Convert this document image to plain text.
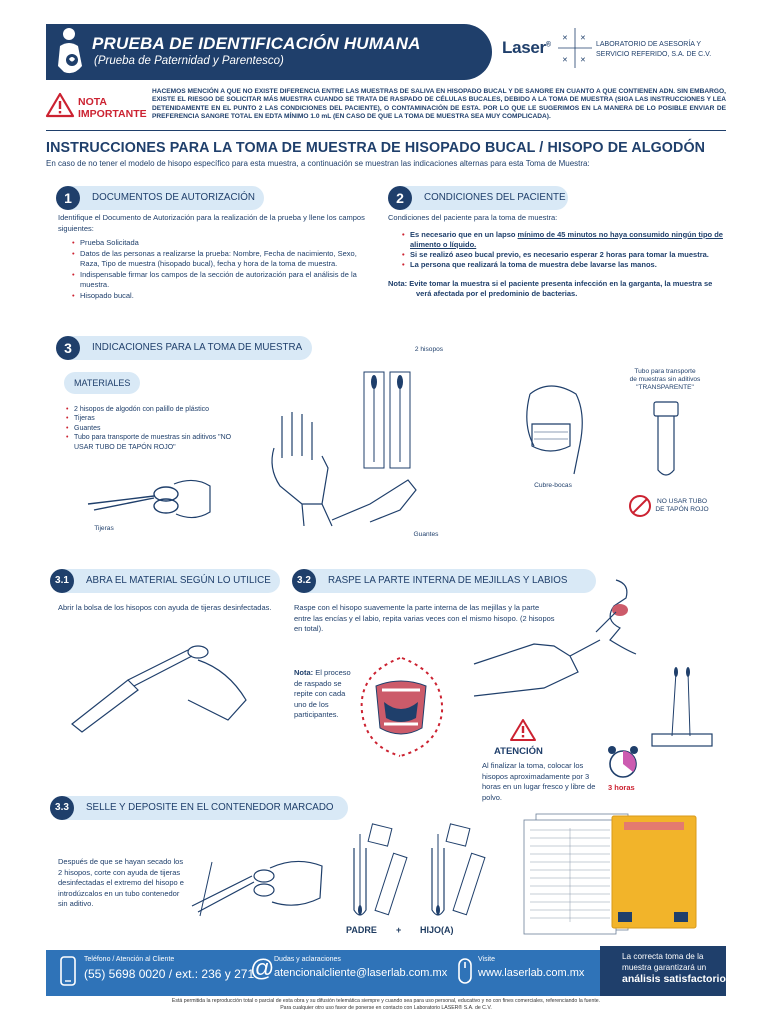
PRUEBA DE IDENTIFICACIÓN HUMANA
(Prueba de Paternidad y Parentesco)
Laser®
✕ ✕
✕ ✕
LABORATORIO DE ASESORÍA Y
SERVICIO REFERIDO, S.A. DE C.V.
NOTA
IMPORTANTE
HACEMOS MENCIÓN A QUE NO EXISTE DIFERENCIA ENTRE LAS MUESTRAS DE SALIVA EN HISOPADO BUCAL Y DE SANGRE EN CUANTO A QUE CONTIENEN ADN. SIN EMBARGO, EXISTE EL RIESGO DE SOLICITAR MÁS MUESTRA CUANDO SE TRATA DE RASPADO DE CÉLULAS BUCALES, DEBIDO A LA TOMA DE MUESTRA (SIGA LAS INSTRUCCIONES Y LEA DETENIDAMENTE EN EL PUNTO 2 LAS CONDICIONES DEL PACIENTE), O CONTAMINACIÓN DE ESTA. POR LO QUE LE SUGERIMOS EN LA MANERA DE LO POSIBLE ENVIAR DE PREFERENCIA SANGRE TOTAL EN EDTA MÍNIMO 1.0 mL (EN CASO DE QUE LA TOMA DE MUESTRA SEA MUY COMPLICADA).
INSTRUCCIONES PARA LA TOMA DE MUESTRA DE HISOPADO BUCAL / HISOPO DE ALGODÓN
En caso de no tener el modelo de hisopo específico para esta muestra, a continuación se muestran las indicaciones alternas para esta Toma de Muestra:
DOCUMENTOS DE AUTORIZACIÓN
1
Identifique el Documento de Autorización para la realización de la prueba y llene los campos siguientes:
• Prueba Solicitada
• Datos de las personas a realizarse la prueba: Nombre, Fecha de nacimiento, Sexo, Raza, Tipo de muestra (hisopado bucal), fecha y hora de la toma de muestra.
• Indispensable firmar los campos de la sección de autorización para el análisis de la muestra.
• Hisopado bucal.
CONDICIONES DEL PACIENTE
2
Condiciones del paciente para la toma de muestra:
• Es necesario que en un lapso mínimo de 45 minutos no haya consumido ningún tipo de alimento o líquido.
• Si se realizó aseo bucal previo, es necesario esperar 2 horas para tomar la muestra.
• La persona que realizará la toma de muestra debe lavarse las manos.
Nota: Evite tomar la muestra si el paciente presenta infección en la garganta, la muestra se verá afectada por el predominio de bacterias.
INDICACIONES PARA LA TOMA DE MUESTRA
3
MATERIALES
• 2 hisopos de algodón con palillo de plástico
• Tijeras
• Guantes
• Tubo para transporte de muestras sin aditivos "NO USAR TUBO DE TAPÓN ROJO"
Tijeras
Guantes
2 hisopos
Cubre-bocas
Tubo para transporte
de muestras sin aditivos
"TRANSPARENTE"
NO USAR TUBO
DE TAPÓN ROJO
ABRA EL MATERIAL SEGÚN LO UTILICE
3.1
Abrir la bolsa de los hisopos con ayuda de tijeras desinfectadas.
RASPE LA PARTE INTERNA DE MEJILLAS Y LABIOS
3.2
Raspe con el hisopo suavemente la parte interna de las mejillas y la parte entre las encías y el labio, repita varias veces con el mismo hisopo. (2 hisopos en total).
Nota: El proceso de raspado se repite con cada uno de los participantes.
ATENCIÓN
Al finalizar la toma, colocar los hisopos aproximadamente por 3 horas en un lugar fresco y libre de polvo.
3 horas
SELLE Y DEPOSITE EN EL CONTENEDOR MARCADO
3.3
Después de que se hayan secado los 2 hisopos, corte con ayuda de tijeras desinfectadas el extremo del hisopo e introdúzcalos en un tubo contenedor sin aditivo.
PADRE + HIJO(A)
Teléfono / Atención al Cliente
(55) 5698 0020 / ext.: 236 y 271
@ Dudas y aclaraciones
atencionalcliente@laserlab.com.mx
Visite
www.laserlab.com.mx
La correcta toma de la
muestra garantizará un
análisis satisfactorio
Está permitida la reproducción total o parcial de esta obra y su difusión telemática siempre y cuando sea para uso personal, educativo y no con fines comerciales, referenciando la fuente.
Para cualquier otro uso favor de ponerse en contacto con Laboratorio LASER® S.A. de C.V.
